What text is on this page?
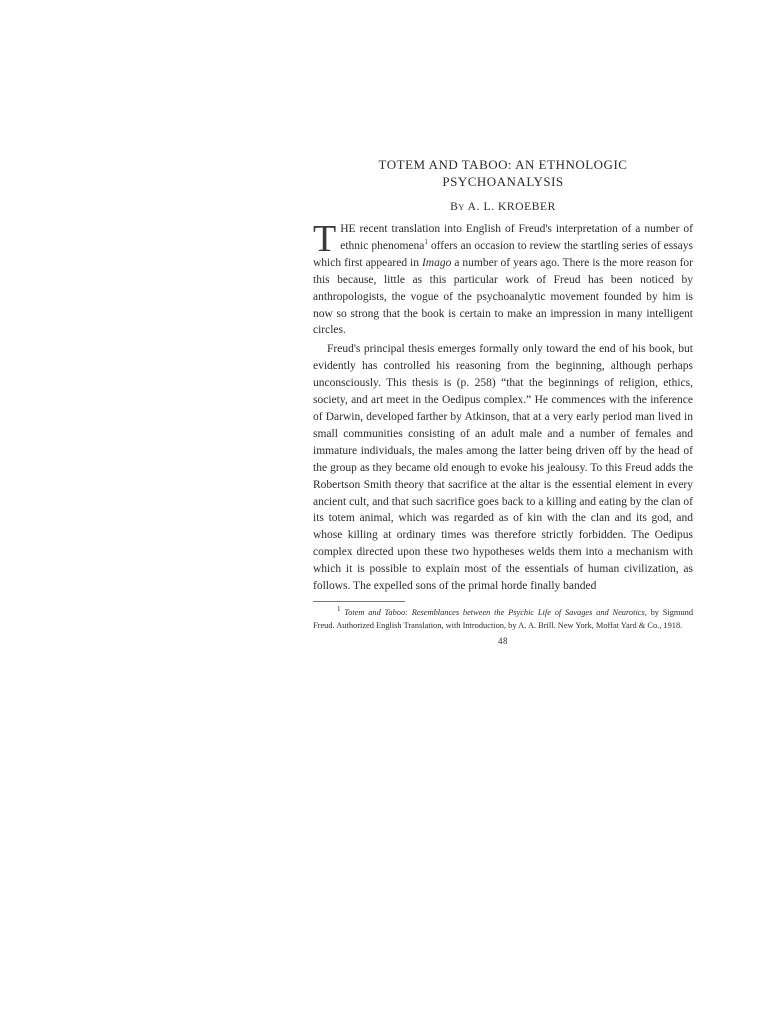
TOTEM AND TABOO: AN ETHNOLOGIC
PSYCHOANALYSIS
By A. L. KROEBER

THE recent translation into English of Freud's interpretation of a number of ethnic phenomena$^1$ offers an occasion to review the startling series of essays which first appeared in Imago a number of years ago. There is the more reason for this because, little as this particular work of Freud has been noticed by anthropologists, the vogue of the psychoanalytic movement founded by him is now so strong that the book is certain to make an impression in many intelligent circles.

Freud's principal thesis emerges formally only toward the end of his book, but evidently has controlled his reasoning from the beginning, although perhaps unconsciously. This thesis is (p. 258) “that the beginnings of religion, ethics, society, and art meet in the Oedipus complex.” He commences with the inference of Darwin, developed farther by Atkinson, that at a very early period man lived in small communities consisting of an adult male and a number of females and immature individuals, the males among the latter being driven off by the head of the group as they became old enough to evoke his jealousy. To this Freud adds the Robertson Smith theory that sacrifice at the altar is the essential element in every ancient cult, and that such sacrifice goes back to a killing and eating by the clan of its totem animal, which was regarded as of kin with the clan and its god, and whose killing at ordinary times was therefore strictly forbidden. The Oedipus complex directed upon these two hypotheses welds them into a mechanism with which it is possible to explain most of the essentials of human civilization, as follows. The expelled sons of the primal horde finally banded

$^1$ Totem and Taboo: Resemblances between the Psychic Life of Savages and Neurotics, by Sigmund Freud. Authorized English Translation, with Introduction, by A. A. Brill. New York, Moffat Yard & Co., 1918.

48
